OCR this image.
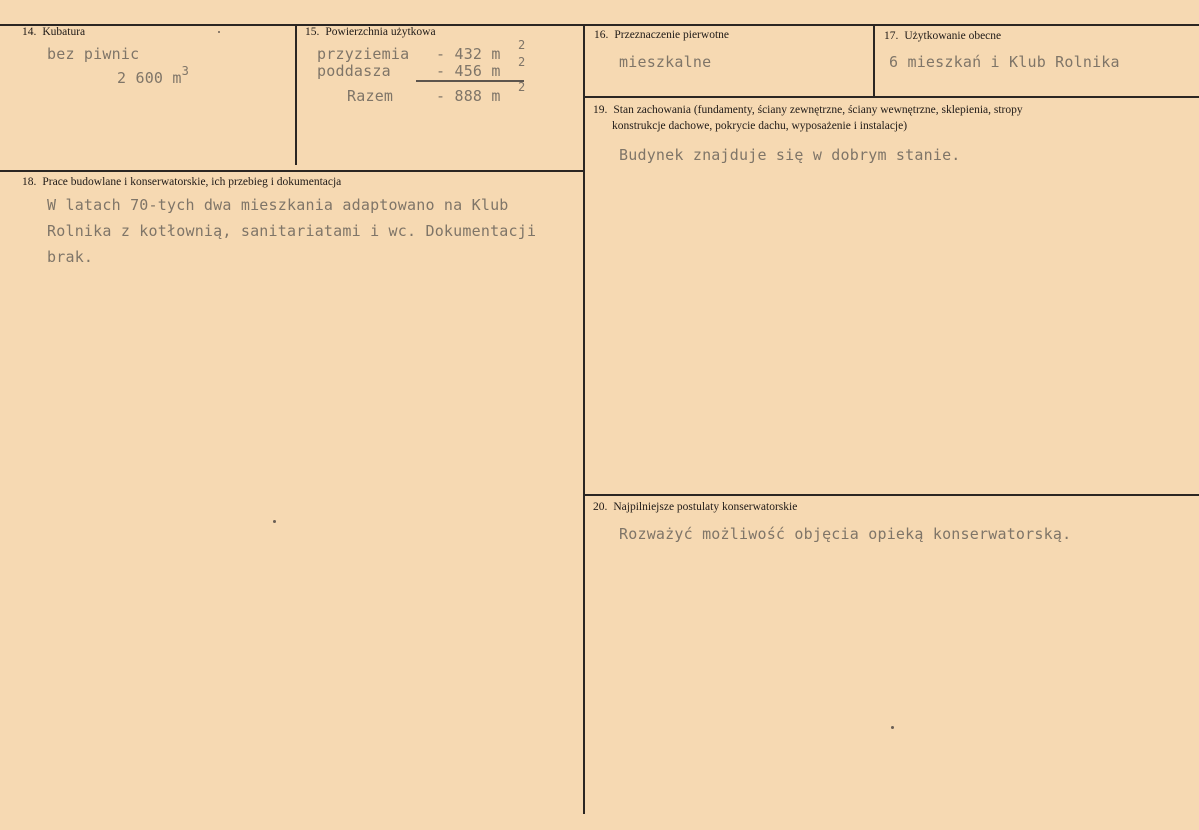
14. Kubatura
bez piwnic
2 600 $m^3$
15. Powierzchnia użytkowa
przyziemia - 432 m 2
poddasza	- 456 m 2
Razem	- 888 m 2
16. Przeznaczenie pierwotne
mieszkalne
17. Użytkowanie obecne
6 mieszkań i Klub Rolnika
19. Stan zachowania (fundamenty, ściany zewnętrzne, ściany wewnętrzne, sklepienia, stropy
konstrukcje dachowe, pokrycie dachu, wyposażenie i instalacje)
Budynek znajduje się w dobrym stanie.
18. Prace budowlane i konserwatorskie, ich przebieg i dokumentacja
W latach 70-tych dwa mieszkania adaptowano na Klub
Rolnika z kotłownią, sanitariatami i wc. Dokumentacji
brak.
20. Najpilniejsze postulaty konserwatorskie
Rozważyć możliwość objęcia opieką konserwatorską.
